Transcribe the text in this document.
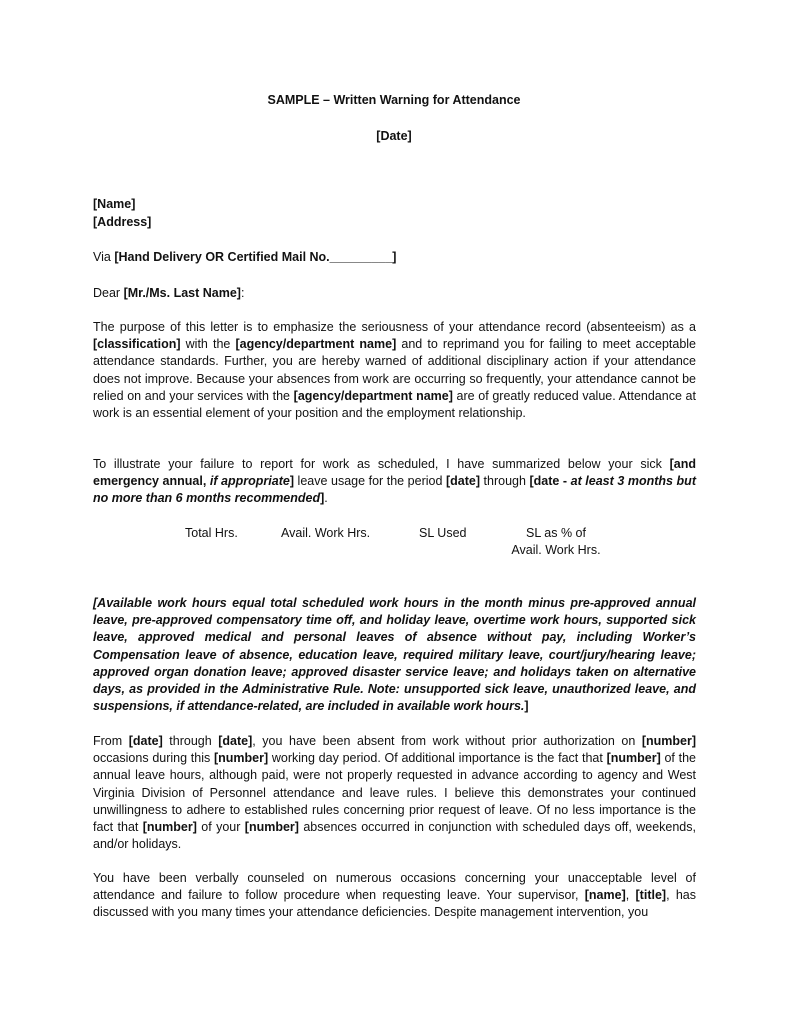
SAMPLE – Written Warning for Attendance
[Date]
[Name]
[Address]
Via [Hand Delivery OR Certified Mail No._________]
Dear [Mr./Ms. Last Name]:
The purpose of this letter is to emphasize the seriousness of your attendance record (absenteeism) as a [classification] with the [agency/department name] and to reprimand you for failing to meet acceptable attendance standards. Further, you are hereby warned of additional disciplinary action if your attendance does not improve. Because your absences from work are occurring so frequently, your attendance cannot be relied on and your services with the [agency/department name] are of greatly reduced value. Attendance at work is an essential element of your position and the employment relationship.
To illustrate your failure to report for work as scheduled, I have summarized below your sick [and emergency annual, if appropriate] leave usage for the period [date] through [date - at least 3 months but no more than 6 months recommended].
Total Hrs.	Avail. Work Hrs.	SL Used	SL as % of
Avail. Work Hrs.
[Available work hours equal total scheduled work hours in the month minus pre-approved annual leave, pre-approved compensatory time off, and holiday leave, overtime work hours, supported sick leave, approved medical and personal leaves of absence without pay, including Worker’s Compensation leave of absence, education leave, required military leave, court/jury/hearing leave; approved organ donation leave; approved disaster service leave; and holidays taken on alternative days, as provided in the Administrative Rule. Note: unsupported sick leave, unauthorized leave, and suspensions, if attendance-related, are included in available work hours.]
From [date] through [date], you have been absent from work without prior authorization on [number] occasions during this [number] working day period. Of additional importance is the fact that [number] of the annual leave hours, although paid, were not properly requested in advance according to agency and West Virginia Division of Personnel attendance and leave rules. I believe this demonstrates your continued unwillingness to adhere to established rules concerning prior request of leave. Of no less importance is the fact that [number] of your [number] absences occurred in conjunction with scheduled days off, weekends, and/or holidays.
You have been verbally counseled on numerous occasions concerning your unacceptable level of attendance and failure to follow procedure when requesting leave. Your supervisor, [name], [title], has discussed with you many times your attendance deficiencies. Despite management intervention, you
